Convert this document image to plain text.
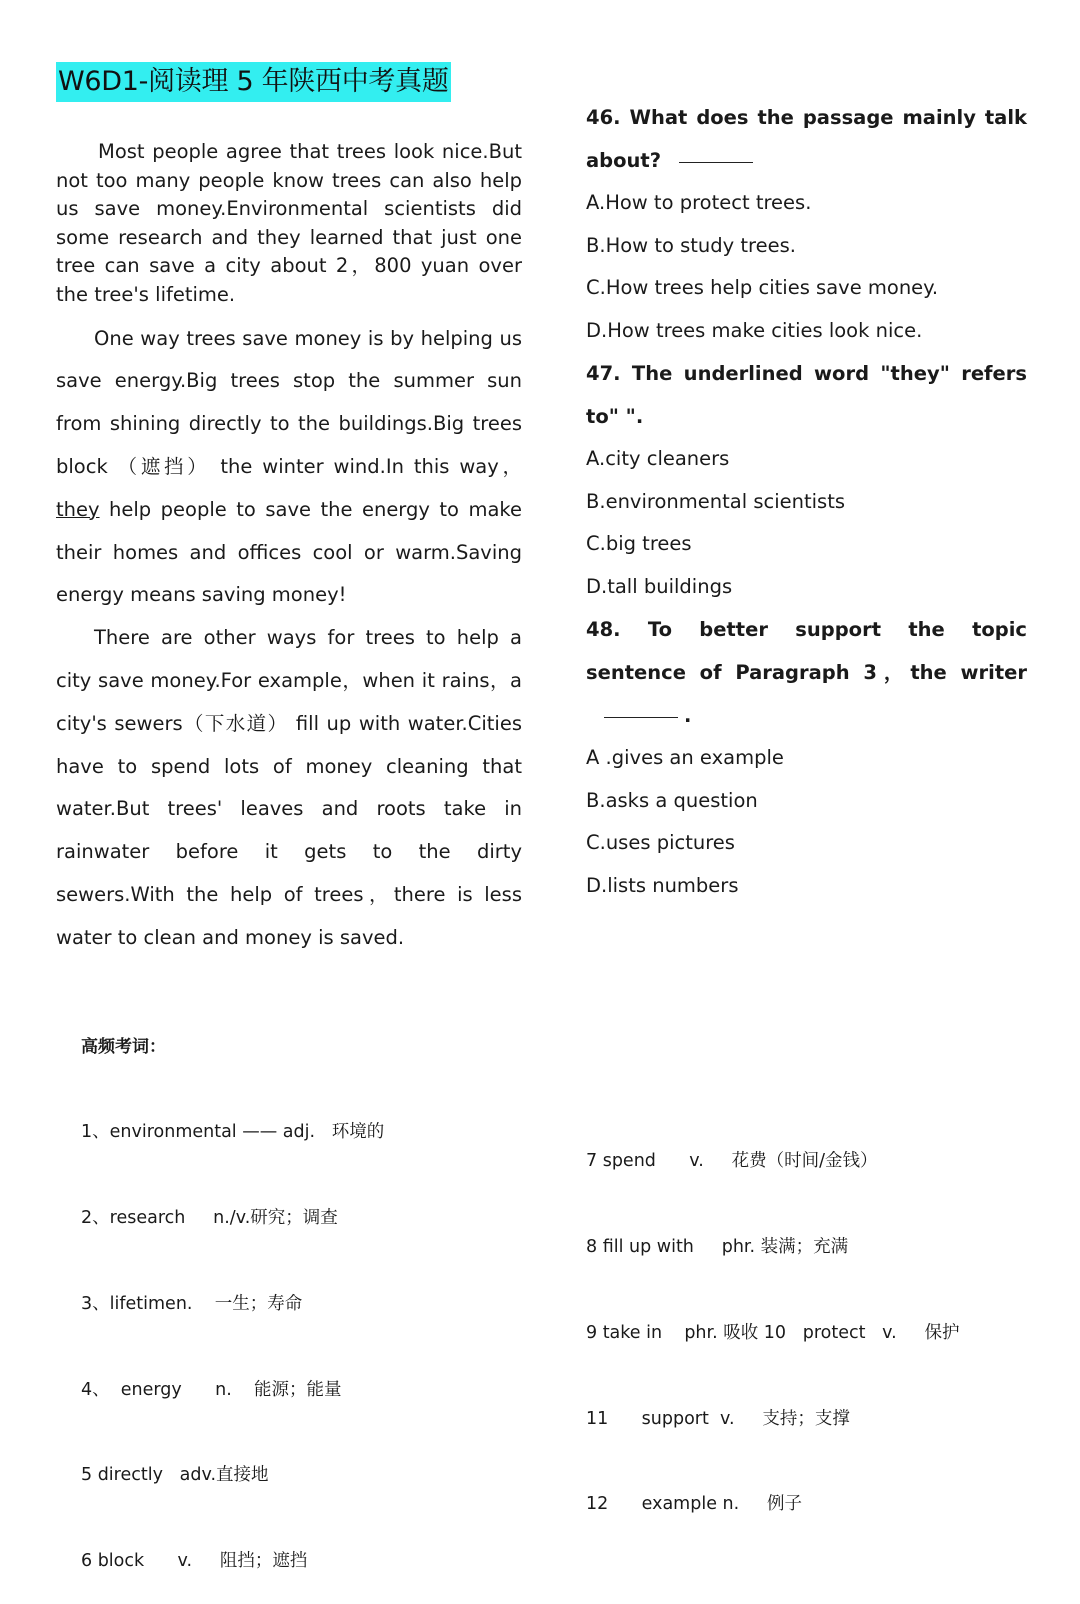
W6D1-阅读理 5 年陕西中考真题

Most people agree that trees look nice.But not too many people know trees can also help us save money.Environmental scientists did some research and they learned that just one tree can save a city about 2，800 yuan over the tree's lifetime.

One way trees save money is by helping us save energy.Big trees stop the summer sun from shining directly to the buildings.Big trees block （遮挡） the winter wind.In this way，they help people to save the energy to make their homes and offices cool or warm.Saving energy means saving money!

There are other ways for trees to help a city save money.For example，when it rains，a city's sewers（下水道） fill up with water.Cities have to spend lots of money cleaning that water.But trees' leaves and roots take in rainwater before it gets to the dirty sewers.With the help of trees，there is less water to clean and money is saved.

46. What does the passage mainly talk about?

A.How to protect trees.

B.How to study trees.

C.How trees help cities save money.

D.How trees make cities look nice.

47. The underlined word "they" refers to" ".

A.city cleaners

B.environmental scientists

C.big trees

D.tall buildings

48. To better support the topic sentence of Paragraph 3，the writer.

A .gives an example

B.asks a question

C.uses pictures

D.lists numbers

高频考词：

1、environmental —— adj.   环境的

2、research     n./v.研究；调查

3、lifetimen.    一生；寿命

4、  energy      n.    能源；能量

5 directly   adv.直接地

6 block      v.     阻挡；遮挡

7 spend      v.     花费（时间/金钱）

8 fill up with     phr. 装满；充满

9 take in    phr. 吸收 10   protect   v.     保护

11      support  v.     支持；支撑

12      example n.     例子
